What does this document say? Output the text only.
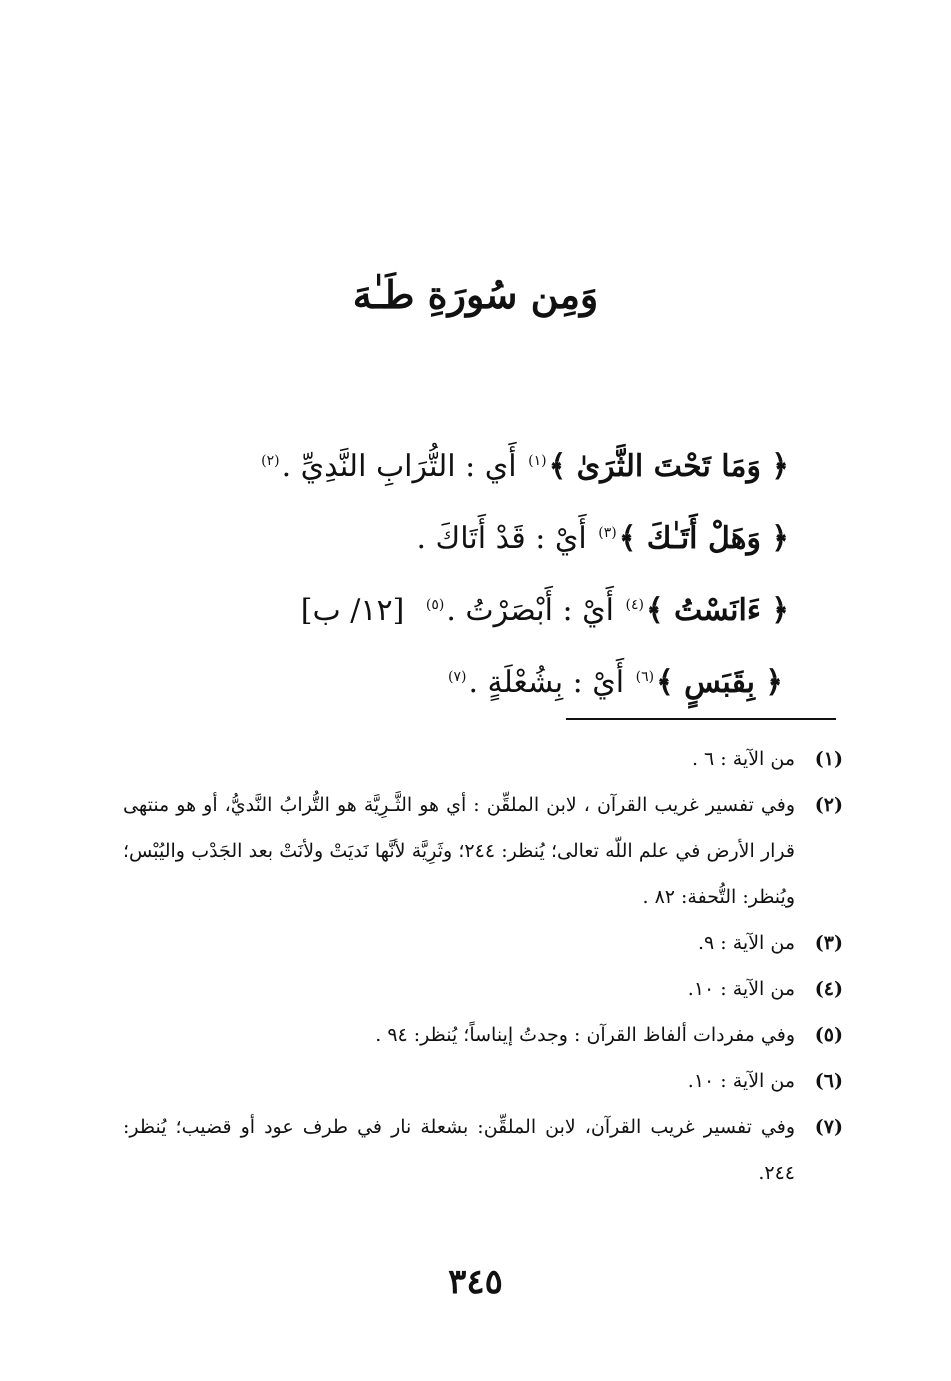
وَمِن سُورَةِ طَـٰهَ
﴿ وَمَا تَحْتَ الثَّرَىٰ ﴾$^{(١)}$ أَي : التُّرَابِ النَّدِيِّ .$^{(٢)}$
﴿ وَهَلْ أَتَـٰكَ ﴾$^{(٣)}$ أَيْ : قَدْ أَتَاكَ .
﴿ ءَانَسْتُ ﴾$^{(٤)}$ أَيْ : أَبْصَرْتُ .$^{(٥)}$ [١٢/ ب]
﴿ بِقَبَسٍ ﴾$^{(٦)}$ أَيْ : بِشُعْلَةٍ .$^{(٧)}$
(١)
من الآية : ٦ .
(٢)
وفي تفسير غريب القرآن ، لابن الملقِّن : أي هو الثَّـرِيَّة هو التُّرابُ النَّديُّ، أو هو منتهى قرار الأرض في علم اللّه تعالى؛ يُنظر: ٢٤٤؛ وثَرِيَّة لأنَّها نَديَتْ ولأنَتْ بعد الجَدْب واليُبْس؛ ويُنظر: التُّحفة: ٨٢ .
(٣)
من الآية : ٩.
(٤)
من الآية : ١٠.
(٥)
وفي مفردات ألفاظ القرآن : وجدتُ إيناساً؛ يُنظر: ٩٤ .
(٦)
من الآية : ١٠.
(٧)
وفي تفسير غريب القرآن، لابن الملقِّن: بشعلة نار في طرف عود أو قضيب؛ يُنظر: ٢٤٤.
٣٤٥
